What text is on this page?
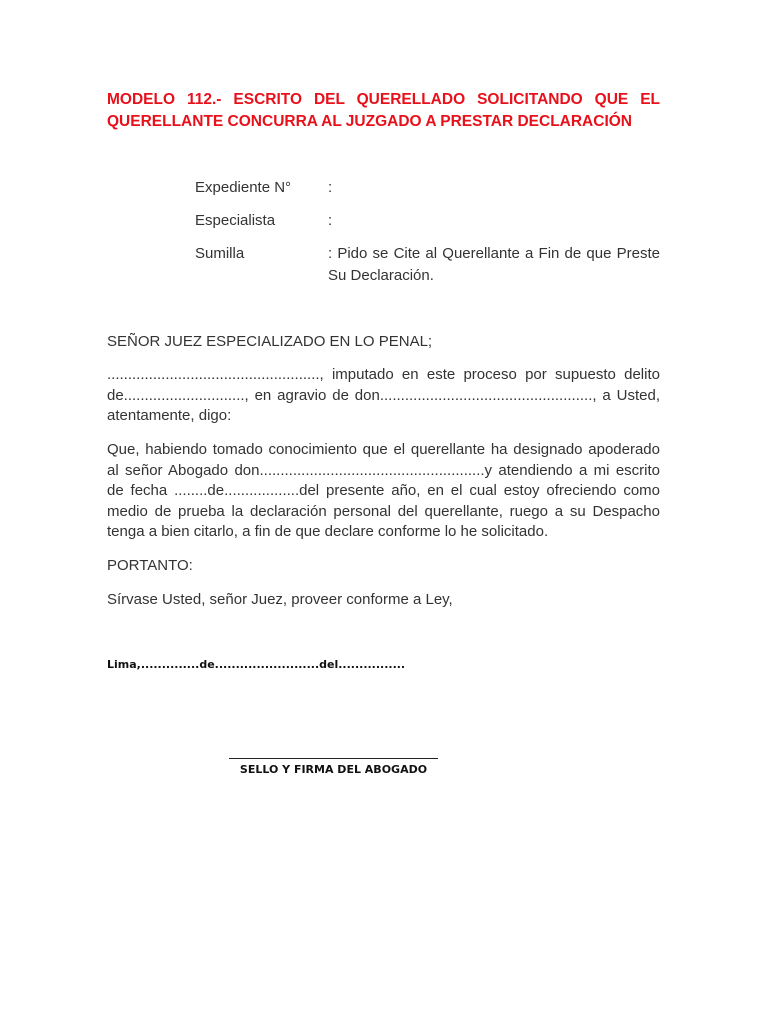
MODELO 112.- ESCRITO DEL QUERELLADO SOLICITANDO QUE EL QUERELLANTE CONCURRA AL JUZGADO A PRESTAR DECLARACIÓN

Expediente N° :
Especialista	:
Sumilla	: Pido se Cite al Querellante a Fin de que Preste Su Declaración.

SEÑOR JUEZ ESPECIALIZADO EN LO PENAL;

..................................................., imputado en este proceso por supuesto delito de............................., en agravio de don..................................................., a Usted, atentamente, digo:

Que, habiendo tomado conocimiento que el querellante ha designado apoderado al señor Abogado don......................................................y atendiendo a mi escrito de fecha ........de..................del presente año, en el cual estoy ofreciendo como medio de prueba la declaración personal del querellante, ruego a su Despacho tenga a bien citarlo, a fin de que declare conforme lo he solicitado.

PORTANTO:

Sírvase Usted, señor Juez, proveer conforme a Ley,

Lima,..............de.........................del................

SELLO Y FIRMA DEL ABOGADO
